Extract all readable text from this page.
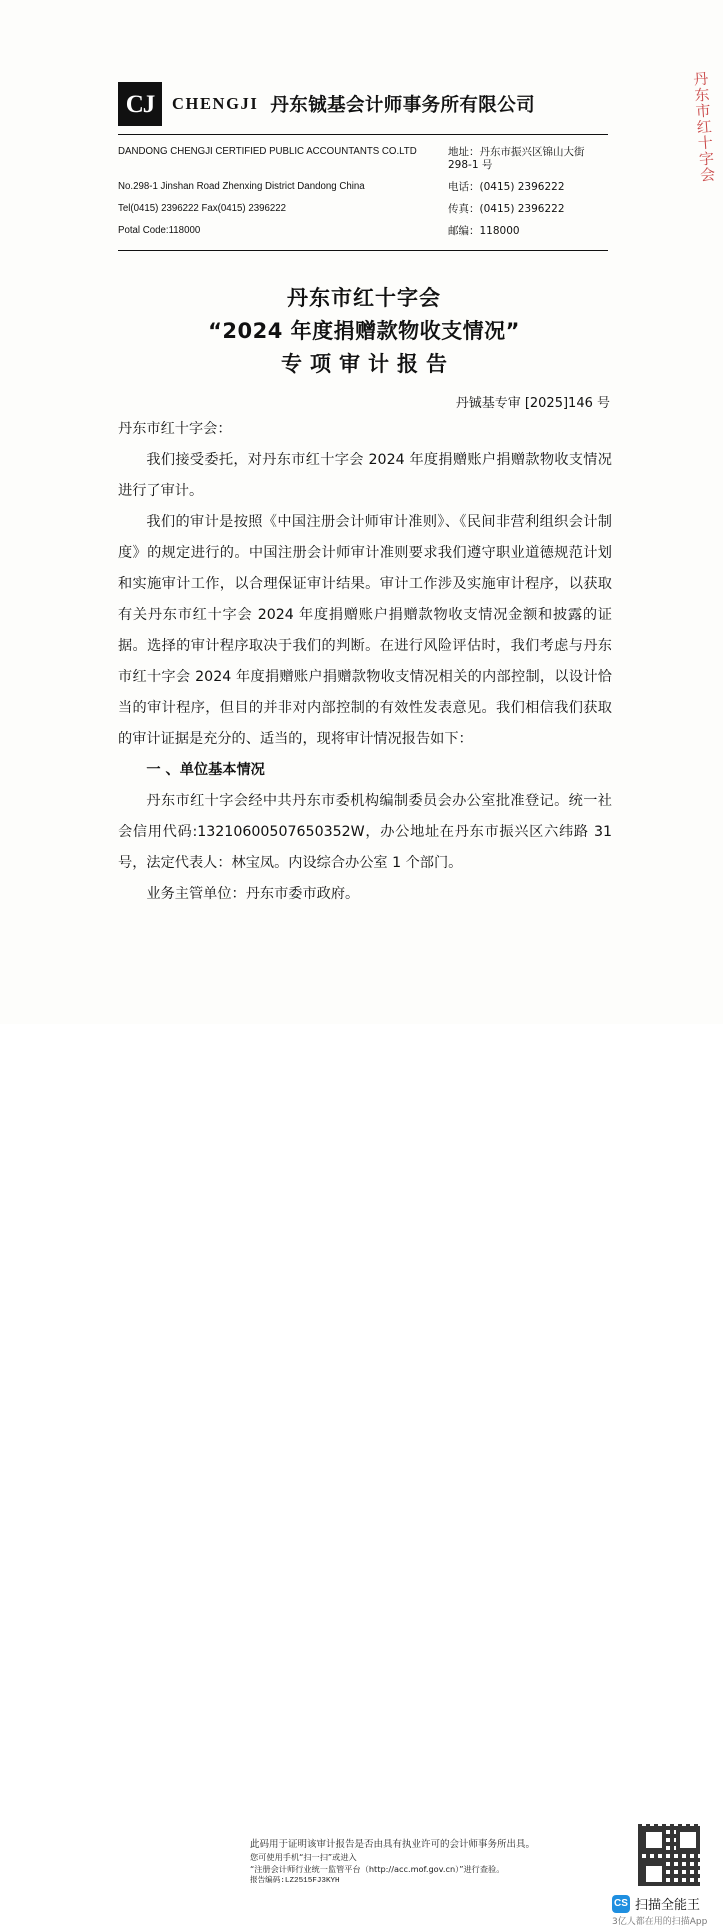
丹东市红十字会
CJ	CHENGJI 丹东铖基会计师事务所有限公司
DANDONG CHENGJI CERTIFIED PUBLIC ACCOUNTANTS CO.LTD	地址：丹东市振兴区锦山大街 298-1 号
No.298-1 Jinshan Road Zhenxing District Dandong China	电话：(0415) 2396222
Tel(0415) 2396222 Fax(0415) 2396222	传真：(0415) 2396222
Potal Code:118000	邮编：118000
丹东市红十字会
“2024 年度捐赠款物收支情况”
专项审计报告
丹铖基专审 [2025]146 号

丹东市红十字会：

我们接受委托，对丹东市红十字会 2024 年度捐赠账户捐赠款物收支情况进行了审计。

我们的审计是按照《中国注册会计师审计准则》、《民间非营利组织会计制度》的规定进行的。中国注册会计师审计准则要求我们遵守职业道德规范计划和实施审计工作，以合理保证审计结果。审计工作涉及实施审计程序，以获取有关丹东市红十字会 2024 年度捐赠账户捐赠款物收支情况金额和披露的证据。选择的审计程序取决于我们的判断。在进行风险评估时，我们考虑与丹东市红十字会 2024 年度捐赠账户捐赠款物收支情况相关的内部控制，以设计恰当的审计程序，但目的并非对内部控制的有效性发表意见。我们相信我们获取的审计证据是充分的、适当的，现将审计情况报告如下：

一 、单位基本情况

丹东市红十字会经中共丹东市委机构编制委员会办公室批准登记。统一社会信用代码:13210600507650352W，办公地址在丹东市振兴区六纬路 31 号，法定代表人：林宝凤。内设综合办公室 1 个部门。

业务主管单位：丹东市委市政府。

此码用于证明该审计报告是否由具有执业许可的会计师事务所出具。
您可使用手机“扫一扫”或进入
“注册会计师行业统一监管平台（http://acc.mof.gov.cn）”进行查验。
报告编码:LZ2515FJ3KYH
CS 扫描全能王
3亿人都在用的扫描App
